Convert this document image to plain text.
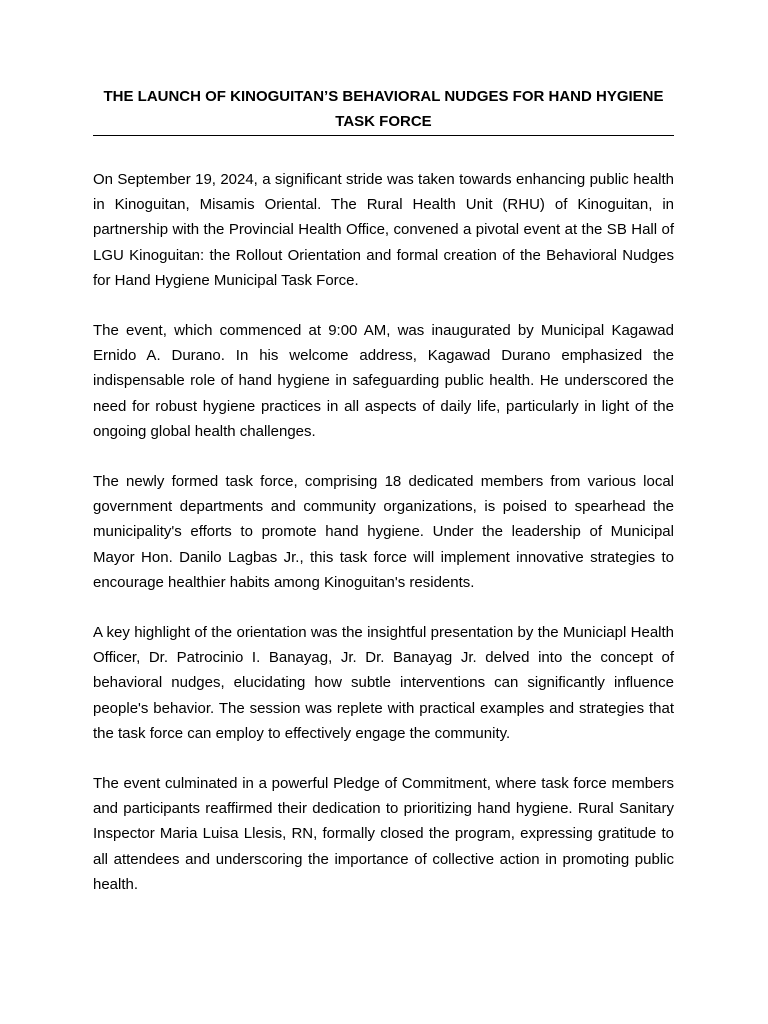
THE LAUNCH OF KINOGUITAN’S BEHAVIORAL NUDGES FOR HAND HYGIENE TASK FORCE

On September 19, 2024, a significant stride was taken towards enhancing public health in Kinoguitan, Misamis Oriental. The Rural Health Unit (RHU) of Kinoguitan, in partnership with the Provincial Health Office, convened a pivotal event at the SB Hall of LGU Kinoguitan: the Rollout Orientation and formal creation of the Behavioral Nudges for Hand Hygiene Municipal Task Force.

The event, which commenced at 9:00 AM, was inaugurated by Municipal Kagawad Ernido A. Durano. In his welcome address, Kagawad Durano emphasized the indispensable role of hand hygiene in safeguarding public health. He underscored the need for robust hygiene practices in all aspects of daily life, particularly in light of the ongoing global health challenges.

The newly formed task force, comprising 18 dedicated members from various local government departments and community organizations, is poised to spearhead the municipality's efforts to promote hand hygiene. Under the leadership of Municipal Mayor Hon. Danilo Lagbas Jr., this task force will implement innovative strategies to encourage healthier habits among Kinoguitan's residents.

A key highlight of the orientation was the insightful presentation by the Municiapl Health Officer, Dr. Patrocinio I. Banayag, Jr. Dr. Banayag Jr. delved into the concept of behavioral nudges, elucidating how subtle interventions can significantly influence people's behavior. The session was replete with practical examples and strategies that the task force can employ to effectively engage the community.

The event culminated in a powerful Pledge of Commitment, where task force members and participants reaffirmed their dedication to prioritizing hand hygiene. Rural Sanitary Inspector Maria Luisa Llesis, RN, formally closed the program, expressing gratitude to all attendees and underscoring the importance of collective action in promoting public health.
